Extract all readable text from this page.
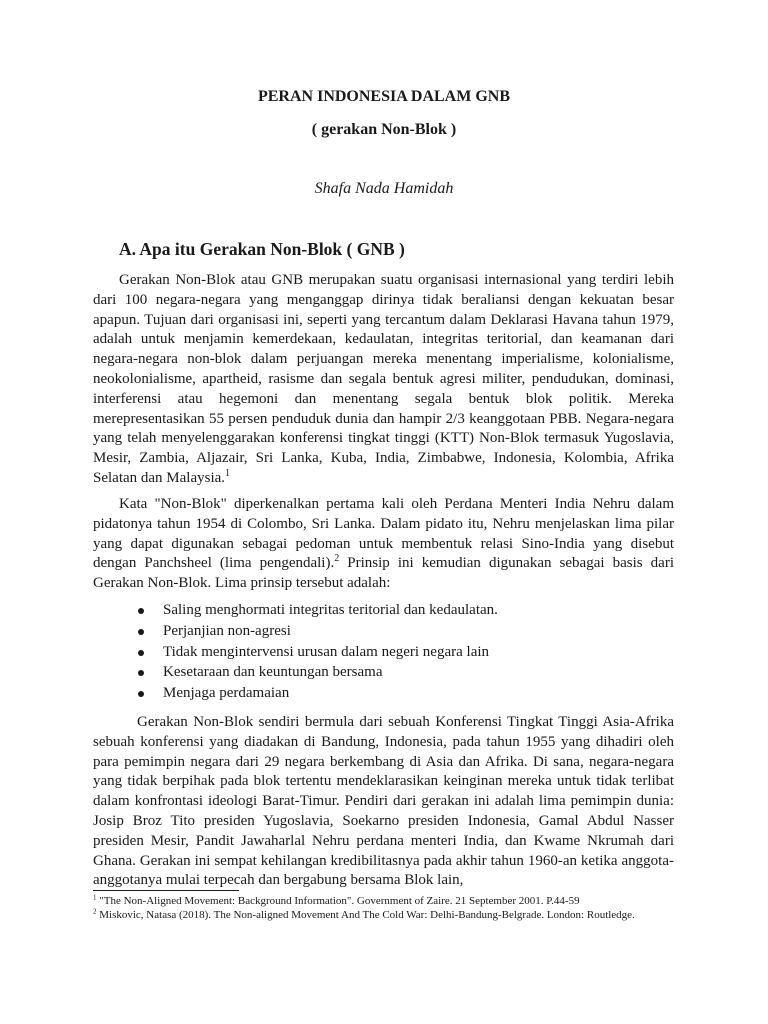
PERAN INDONESIA DALAM GNB
( gerakan Non-Blok )

Shafa Nada Hamidah

A. Apa itu Gerakan Non-Blok ( GNB )

Gerakan Non-Blok atau GNB merupakan suatu organisasi internasional yang terdiri lebih dari 100 negara-negara yang menganggap dirinya tidak beraliansi dengan kekuatan besar apapun. Tujuan dari organisasi ini, seperti yang tercantum dalam Deklarasi Havana tahun 1979, adalah untuk menjamin kemerdekaan, kedaulatan, integritas teritorial, dan keamanan dari negara-negara non-blok dalam perjuangan mereka menentang imperialisme, kolonialisme, neokolonialisme, apartheid, rasisme dan segala bentuk agresi militer, pendudukan, dominasi, interferensi atau hegemoni dan menentang segala bentuk blok politik. Mereka merepresentasikan 55 persen penduduk dunia dan hampir 2/3 keanggotaan PBB. Negara-negara yang telah menyelenggarakan konferensi tingkat tinggi (KTT) Non-Blok termasuk Yugoslavia, Mesir, Zambia, Aljazair, Sri Lanka, Kuba, India, Zimbabwe, Indonesia, Kolombia, Afrika Selatan dan Malaysia.$^1$

Kata "Non-Blok" diperkenalkan pertama kali oleh Perdana Menteri India Nehru dalam pidatonya tahun 1954 di Colombo, Sri Lanka. Dalam pidato itu, Nehru menjelaskan lima pilar yang dapat digunakan sebagai pedoman untuk membentuk relasi Sino-India yang disebut dengan Panchsheel (lima pengendali).$^2$ Prinsip ini kemudian digunakan sebagai basis dari Gerakan Non-Blok. Lima prinsip tersebut adalah:

Saling menghormati integritas teritorial dan kedaulatan.
Perjanjian non-agresi
Tidak mengintervensi urusan dalam negeri negara lain
Kesetaraan dan keuntungan bersama
Menjaga perdamaian

Gerakan Non-Blok sendiri bermula dari sebuah Konferensi Tingkat Tinggi Asia-Afrika sebuah konferensi yang diadakan di Bandung, Indonesia, pada tahun 1955 yang dihadiri oleh para pemimpin negara dari 29 negara berkembang di Asia dan Afrika. Di sana, negara-negara yang tidak berpihak pada blok tertentu mendeklarasikan keinginan mereka untuk tidak terlibat dalam konfrontasi ideologi Barat-Timur. Pendiri dari gerakan ini adalah lima pemimpin dunia: Josip Broz Tito presiden Yugoslavia, Soekarno presiden Indonesia, Gamal Abdul Nasser presiden Mesir, Pandit Jawaharlal Nehru perdana menteri India, dan Kwame Nkrumah dari Ghana. Gerakan ini sempat kehilangan kredibilitasnya pada akhir tahun 1960-an ketika anggota-anggotanya mulai terpecah dan bergabung bersama Blok lain,

$^1$ "The Non-Aligned Movement: Background Information". Government of Zaire. 21 September 2001. P.44-59

$^2$ Miskovic, Natasa (2018). The Non-aligned Movement And The Cold War: Delhi-Bandung-Belgrade. London: Routledge.
